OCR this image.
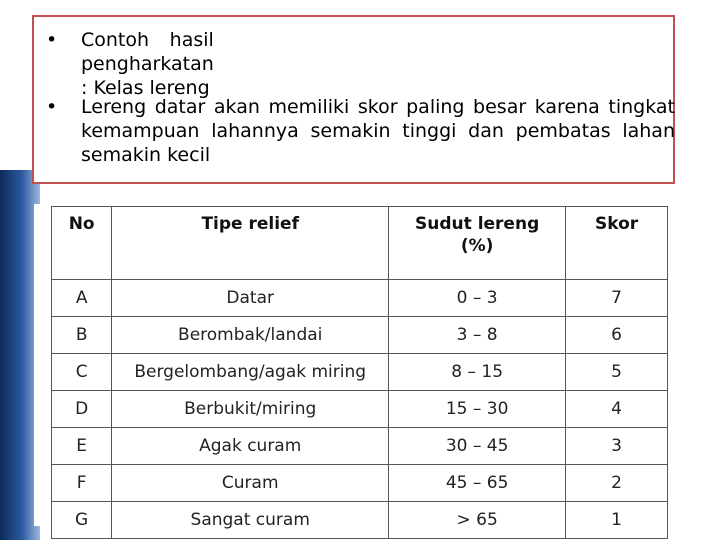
• Contoh hasil pengharkatan : Kelas lereng
• Lereng datar akan memiliki skor paling besar karena tingkat kemampuan lahannya semakin tinggi dan pembatas lahan semakin kecil
No	Tipe relief	Sudut lereng (%)	Skor
A	Datar	0 – 3	7
B	Berombak/landai	3 – 8	6
C	Bergelombang/agak miring	8 – 15	5
D	Berbukit/miring	15 – 30	4
E	Agak curam	30 – 45	3
F	Curam	45 – 65	2
G	Sangat curam	> 65	1
